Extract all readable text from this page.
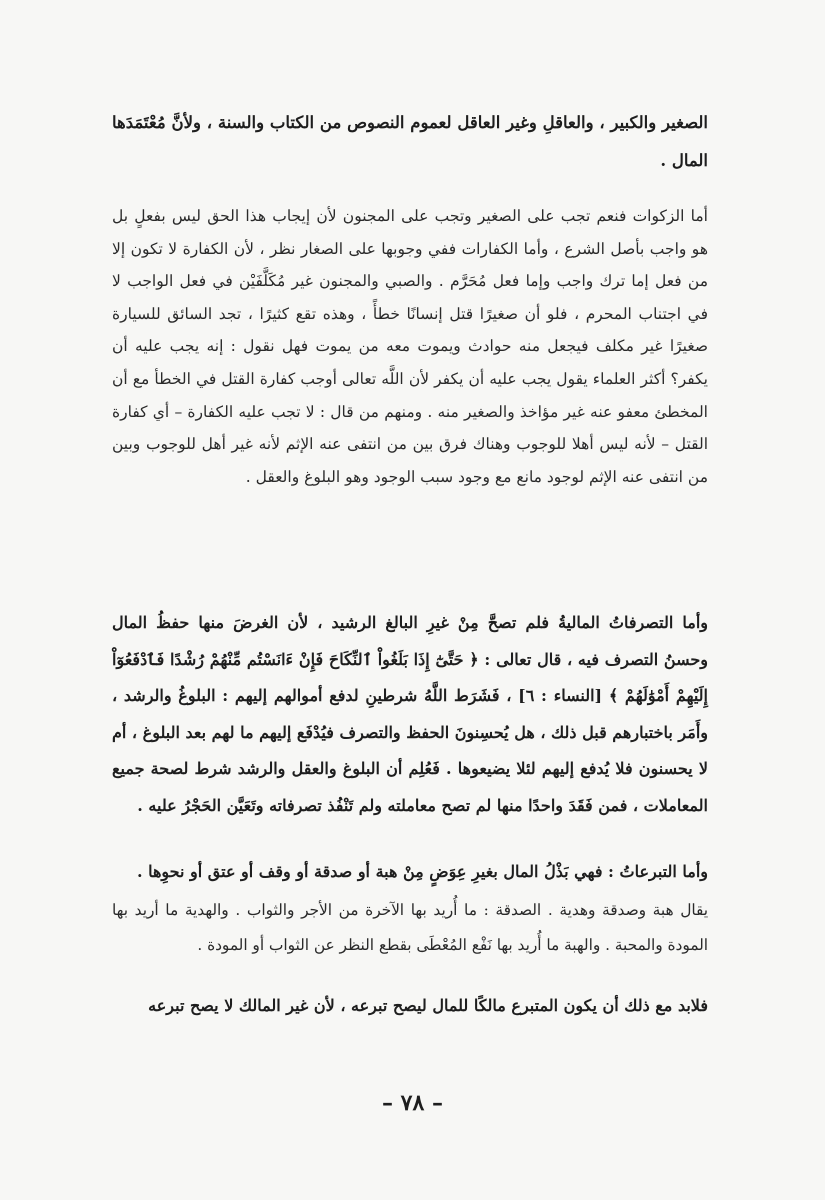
الصغير والكبير ، والعاقلِ وغير العاقل لعموم النصوص من الكتاب والسنة ، ولأنَّ مُعْتَمَدَها المال .

أما الزكوات فنعم تجب على الصغير وتجب على المجنون لأن إيجاب هذا الحق ليس بفعلٍ بل هو واجب بأصل الشرع ، وأما الكفارات ففي وجوبها على الصغار نظر ، لأن الكفارة لا تكون إلا من فعل إما ترك واجب وإما فعل مُحَرَّم . والصبي والمجنون غير مُكَلَّفَيْن في فعل الواجب لا في اجتناب المحرم ، فلو أن صغيرًا قتل إنسانًا خطأً ، وهذه تقع كثيرًا ، تجد السائق للسيارة صغيرًا غير مكلف فيجعل منه حوادث ويموت معه من يموت فهل نقول : إنه يجب عليه أن يكفر؟ أكثر العلماء يقول يجب عليه أن يكفر لأن اللَّه تعالى أوجب كفارة القتل في الخطأ مع أن المخطئ معفو عنه غير مؤاخذ والصغير منه . ومنهم من قال : لا تجب عليه الكفارة – أي كفارة القتل – لأنه ليس أهلا للوجوب وهناك فرق بين من انتفى عنه الإثم لأنه غير أهل للوجوب وبين من انتفى عنه الإثم لوجود مانع مع وجود سبب الوجود وهو البلوغ والعقل .

وأما التصرفاتُ الماليةُ فلم تصحَّ مِنْ غيرِ البالغ الرشيد ، لأن الغرضَ منها حفظُ المال وحسنُ التصرف فيه ، قال تعالى : ﴿ حَتَّىٰٓ إِذَا بَلَغُواْ ٱلنِّكَاحَ فَإِنْ ءَانَسْتُم مِّنْهُمْ رُشْدًا فَٱدْفَعُوٓاْ إِلَيْهِمْ أَمْوَٰلَهُمْ ﴾ [النساء : ٦] ، فَشَرَط اللَّهُ شرطينِ لدفع أموالهم إليهم : البلوغُ والرشد ، وأَمَر باختبارهم قبل ذلك ، هل يُحسِنونَ الحفظ والتصرف فيُدْفَع إليهم ما لهم بعد البلوغ ، أم لا يحسنون فلا يُدفع إليهم لئلا يضيعوها . فَعُلِم أن البلوغ والعقل والرشد شرط لصحة جميع المعاملات ، فمن فَقَدَ واحدًا منها لم تصح معاملته ولم تَنْفُذ تصرفاته وتَعَيَّن الحَجْرُ عليه .

وأما التبرعاتُ : فهي بَذْلُ المال بغيرِ عِوَضٍ مِنْ هبة أو صدقة أو وقف أو عتق أو نحوِها .

يقال هبة وصدقة وهدية . الصدقة : ما أُريد بها الآخرة من الأجر والثواب . والهدية ما أريد بها المودة والمحبة . والهبة ما أُريد بها نَفْع المُعْطَى بقطع النظر عن الثواب أو المودة .

فلابد مع ذلك أن يكون المتبرع مالكًا للمال ليصح تبرعه ، لأن غير المالك لا يصح تبرعه

– ٧٨ –
